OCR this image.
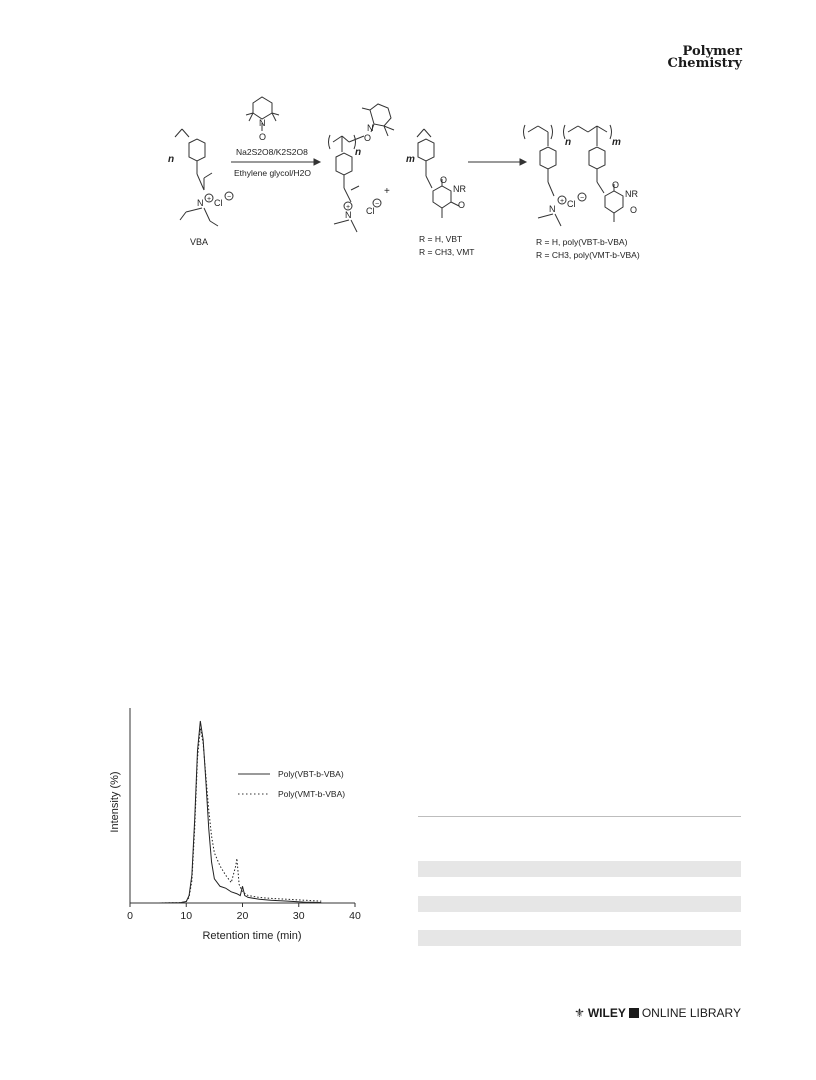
Polymer
Chemistry
n
N + Cl
−
VBA
N
O
Na2S2O8/K2S2O8
Ethylene glycol/H2O
n
O
N
N
+ Cl
−
+
m
O
NR
O
R = H, VBT
R = CH3, VMT
n	m
N
+ Cl
−
O
NR
O
R = H, poly(VBT-b-VBA)
R = CH3, poly(VMT-b-VBA)
0	10	20	30	40
Retention time (min)
Intensity (%)	Poly(VBT-b-VBA)
Poly(VMT-b-VBA)
⚜ WILEY ONLINE LIBRARY
